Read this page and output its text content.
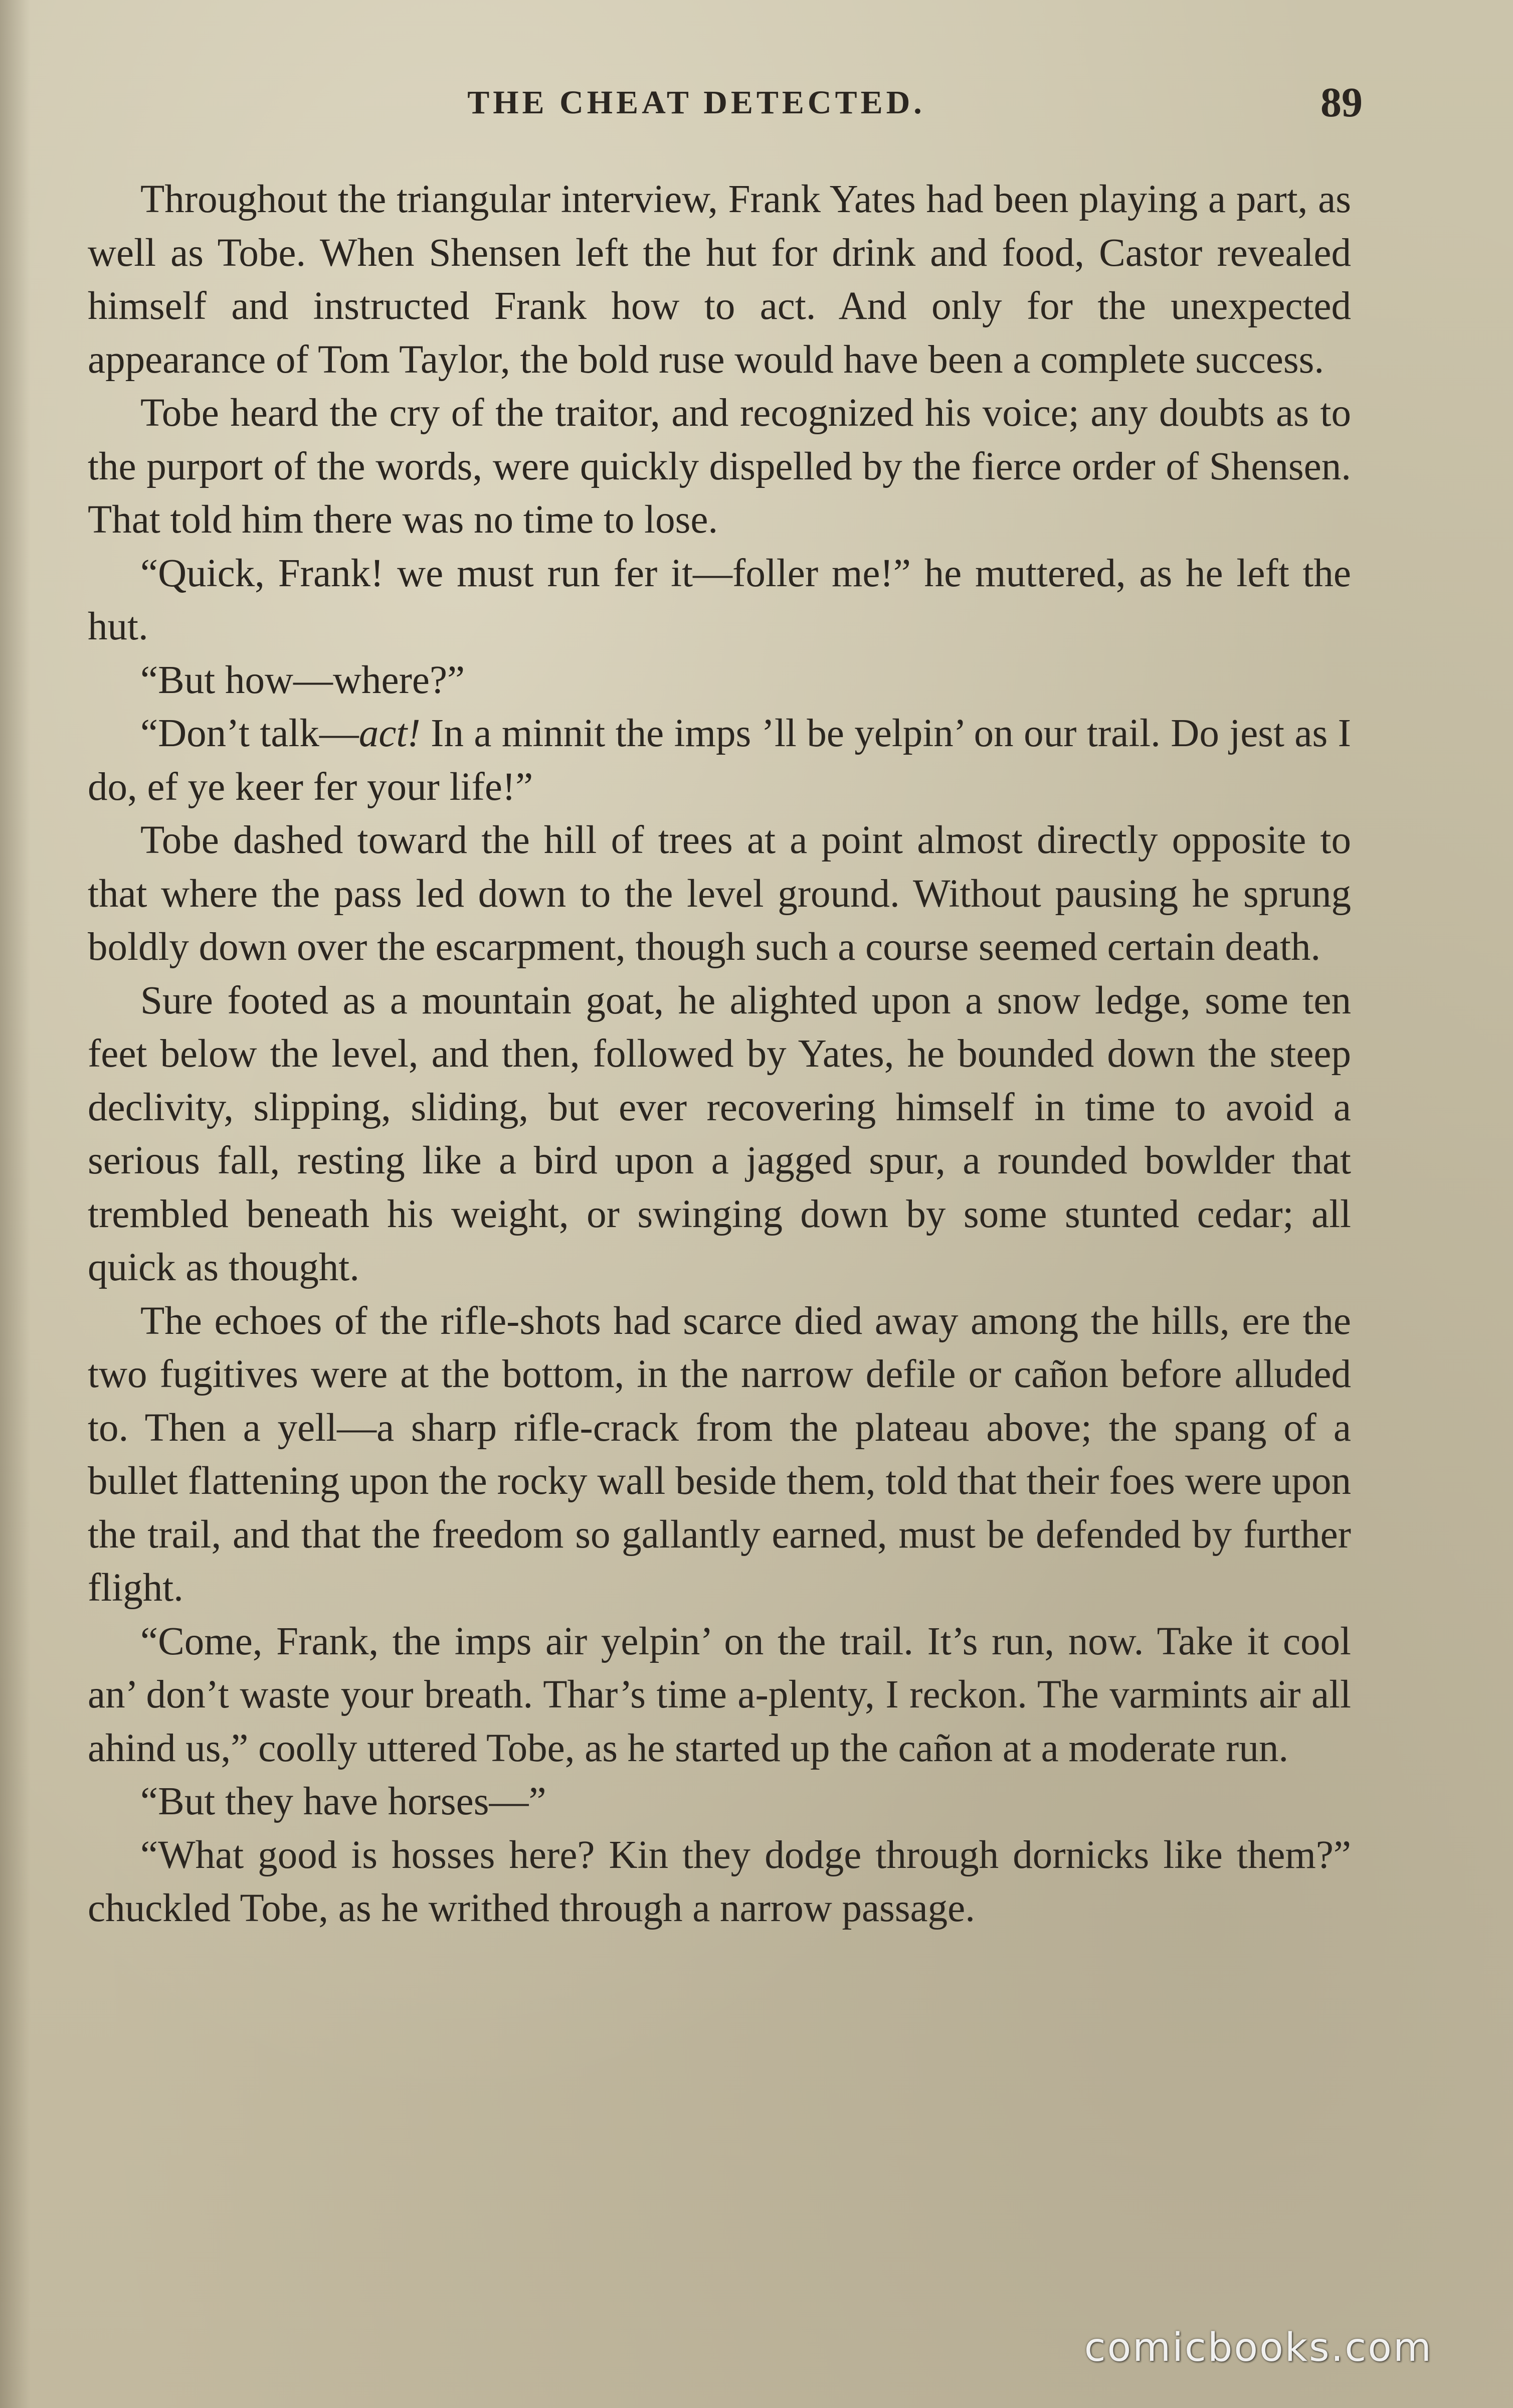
THE CHEAT DETECTED.	89

Throughout the triangular interview, Frank Yates had been playing a part, as well as Tobe. When Shensen left the hut for drink and food, Castor revealed himself and instructed Frank how to act. And only for the unexpected appearance of Tom Taylor, the bold ruse would have been a complete success.

Tobe heard the cry of the traitor, and recognized his voice; any doubts as to the purport of the words, were quickly dispelled by the fierce order of Shensen. That told him there was no time to lose.

“Quick, Frank! we must run fer it—foller me!” he muttered, as he left the hut.

“But how—where?”

“Don’t talk—act! In a minnit the imps ’ll be yelpin’ on our trail. Do jest as I do, ef ye keer fer your life!”

Tobe dashed toward the hill of trees at a point almost directly opposite to that where the pass led down to the level ground. Without pausing he sprung boldly down over the escarpment, though such a course seemed certain death.

Sure footed as a mountain goat, he alighted upon a snow ledge, some ten feet below the level, and then, followed by Yates, he bounded down the steep declivity, slipping, sliding, but ever recovering himself in time to avoid a serious fall, resting like a bird upon a jagged spur, a rounded bowlder that trembled beneath his weight, or swinging down by some stunted cedar; all quick as thought.

The echoes of the rifle-shots had scarce died away among the hills, ere the two fugitives were at the bottom, in the narrow defile or cañon before alluded to. Then a yell—a sharp rifle-crack from the plateau above; the spang of a bullet flattening upon the rocky wall beside them, told that their foes were upon the trail, and that the freedom so gallantly earned, must be defended by further flight.

“Come, Frank, the imps air yelpin’ on the trail. It’s run, now. Take it cool an’ don’t waste your breath. Thar’s time a-plenty, I reckon. The varmints air all ahind us,” coolly uttered Tobe, as he started up the cañon at a moderate run.

“But they have horses—”

“What good is hosses here? Kin they dodge through dornicks like them?” chuckled Tobe, as he writhed through a narrow passage.

comicbooks.com
